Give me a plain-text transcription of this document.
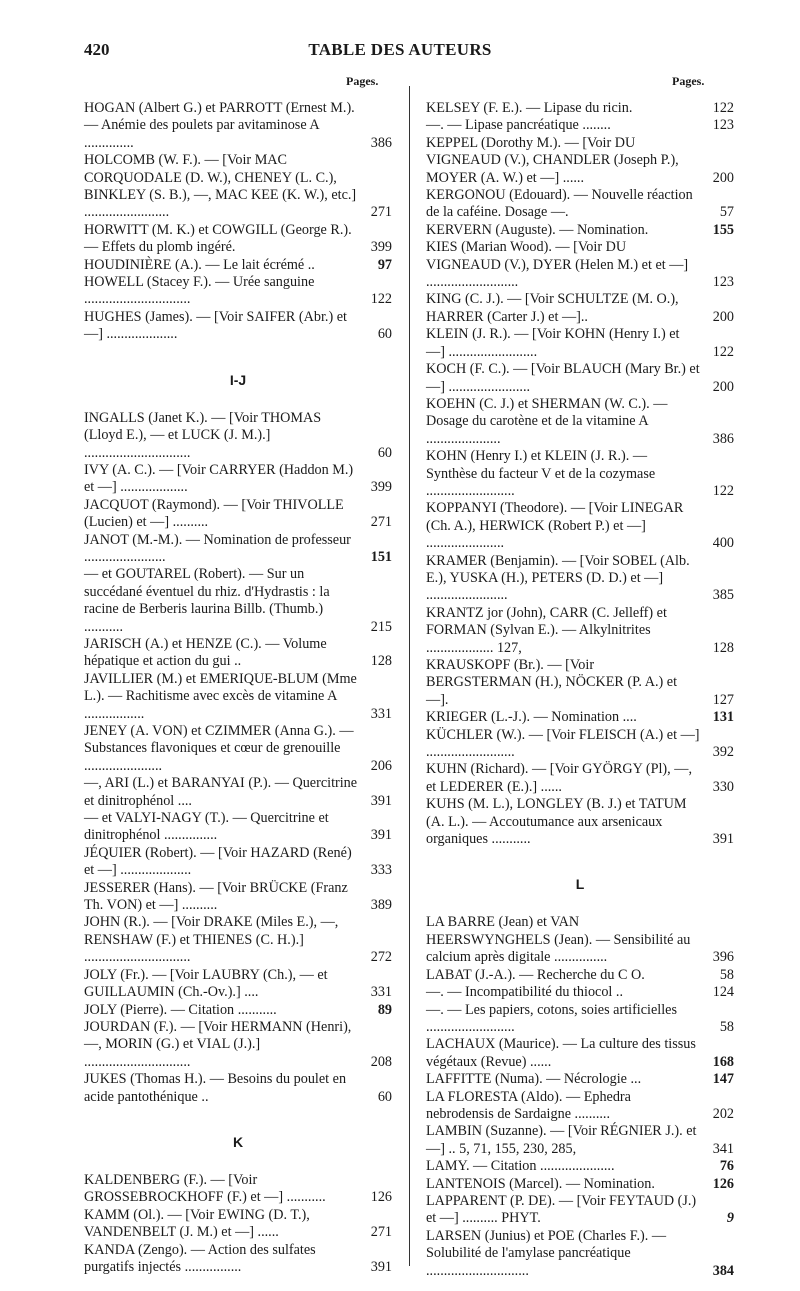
420	TABLE DES AUTEURS
Pages.	Pages.
HOGAN (Albert G.) et PARROTT (Ernest M.). — Anémie des poulets par avitaminose A ..............	386
HOLCOMB (W. F.). — [Voir MAC CORQUODALE (D. W.), CHENEY (L. C.), BINKLEY (S. B.), —, MAC KEE (K. W.), etc.] ........................	271
HORWITT (M. K.) et COWGILL (George R.). — Effets du plomb ingéré.	399
HOUDINIÈRE (A.). — Le lait écrémé ..	97
HOWELL (Stacey F.). — Urée sanguine ..............................	122
HUGHES (James). — [Voir SAIFER (Abr.) et —] ....................	60
I-J
INGALLS (Janet K.). — [Voir THOMAS (Lloyd E.), — et LUCK (J. M.).] ..............................	60
IVY (A. C.). — [Voir CARRYER (Haddon M.) et —] ...................	399
JACQUOT (Raymond). — [Voir THIVOLLE (Lucien) et —] ..........	271
JANOT (M.-M.). — Nomination de professeur .......................	151
— et GOUTAREL (Robert). — Sur un succédané éventuel du rhiz. d'Hydrastis : la racine de Berberis laurina Billb. (Thumb.) ...........	215
JARISCH (A.) et HENZE (C.). — Volume hépatique et action du gui ..	128
JAVILLIER (M.) et EMERIQUE-BLUM (Mme L.). — Rachitisme avec excès de vitamine A .................	331
JENEY (A. VON) et CZIMMER (Anna G.). — Substances flavoniques et cœur de grenouille ......................	206
—, ARI (L.) et BARANYAI (P.). — Quercitrine et dinitrophénol ....	391
— et VALYI-NAGY (T.). — Quercitrine et dinitrophénol ...............	391
JÉQUIER (Robert). — [Voir HAZARD (René) et —] ....................	333
JESSERER (Hans). — [Voir BRÜCKE (Franz Th. VON) et —] ..........	389
JOHN (R.). — [Voir DRAKE (Miles E.), —, RENSHAW (F.) et THIENES (C. H.).] ..............................	272
JOLY (Fr.). — [Voir LAUBRY (Ch.), — et GUILLAUMIN (Ch.-Ov.).] ....	331
JOLY (Pierre). — Citation ...........	89
JOURDAN (F.). — [Voir HERMANN (Henri), —, MORIN (G.) et VIAL (J.).] ..............................	208
JUKES (Thomas H.). — Besoins du poulet en acide pantothénique ..	60
K
KALDENBERG (F.). — [Voir GROSSEBROCKHOFF (F.) et —] ...........	126
KAMM (Ol.). — [Voir EWING (D. T.), VANDENBELT (J. M.) et —] ......	271
KANDA (Zengo). — Action des sulfates purgatifs injectés ................	391
KELSEY (F. E.). — Lipase du ricin.	122
—. — Lipase pancréatique ........	123
KEPPEL (Dorothy M.). — [Voir DU VIGNEAUD (V.), CHANDLER (Joseph P.), MOYER (A. W.) et —] ......	200
KERGONOU (Edouard). — Nouvelle réaction de la caféine. Dosage —.	57
KERVERN (Auguste). — Nomination.	155
KIES (Marian Wood). — [Voir DU VIGNEAUD (V.), DYER (Helen M.) et et —] ..........................	123
KING (C. J.). — [Voir SCHULTZE (M. O.), HARRER (Carter J.) et —]..	200
KLEIN (J. R.). — [Voir KOHN (Henry I.) et —] .........................	122
KOCH (F. C.). — [Voir BLAUCH (Mary Br.) et —] .......................	200
KOEHN (C. J.) et SHERMAN (W. C.). — Dosage du carotène et de la vitamine A .....................	386
KOHN (Henry I.) et KLEIN (J. R.). — Synthèse du facteur V et de la cozymase .........................	122
KOPPANYI (Theodore). — [Voir LINEGAR (Ch. A.), HERWICK (Robert P.) et —] ......................	400
KRAMER (Benjamin). — [Voir SOBEL (Alb. E.), YUSKA (H.), PETERS (D. D.) et —] .......................	385
KRANTZ jor (John), CARR (C. Jelleff) et FORMAN (Sylvan E.). — Alkylnitrites ................... 127,	128
KRAUSKOPF (Br.). — [Voir BERGSTERMAN (H.), NÖCKER (P. A.) et —].	127
KRIEGER (L.-J.). — Nomination ....	131
KÜCHLER (W.). — [Voir FLEISCH (A.) et —] .........................	392
KUHN (Richard). — [Voir GYÖRGY (Pl), —, et LEDERER (E.).] ......	330
KUHS (M. L.), LONGLEY (B. J.) et TATUM (A. L.). — Accoutumance aux arsenicaux organiques ...........	391
L
LA BARRE (Jean) et VAN HEERSWYNGHELS (Jean). — Sensibilité au calcium après digitale ...............	396
LABAT (J.-A.). — Recherche du C O.	58
—. — Incompatibilité du thiocol ..	124
—. — Les papiers, cotons, soies artificielles .........................	58
LACHAUX (Maurice). — La culture des tissus végétaux (Revue) ......	168
LAFFITTE (Numa). — Nécrologie ...	147
LA FLORESTA (Aldo). — Ephedra nebrodensis de Sardaigne ..........	202
LAMBIN (Suzanne). — [Voir RÉGNIER J.). et —] .. 5, 71, 155, 230, 285,	341
LAMY. — Citation .....................	76
LANTENOIS (Marcel). — Nomination.	126
LAPPARENT (P. DE). — [Voir FEYTAUD (J.) et —] .......... PHYT.	9
LARSEN (Junius) et POE (Charles F.). — Solubilité de l'amylase pancréatique .............................	384
